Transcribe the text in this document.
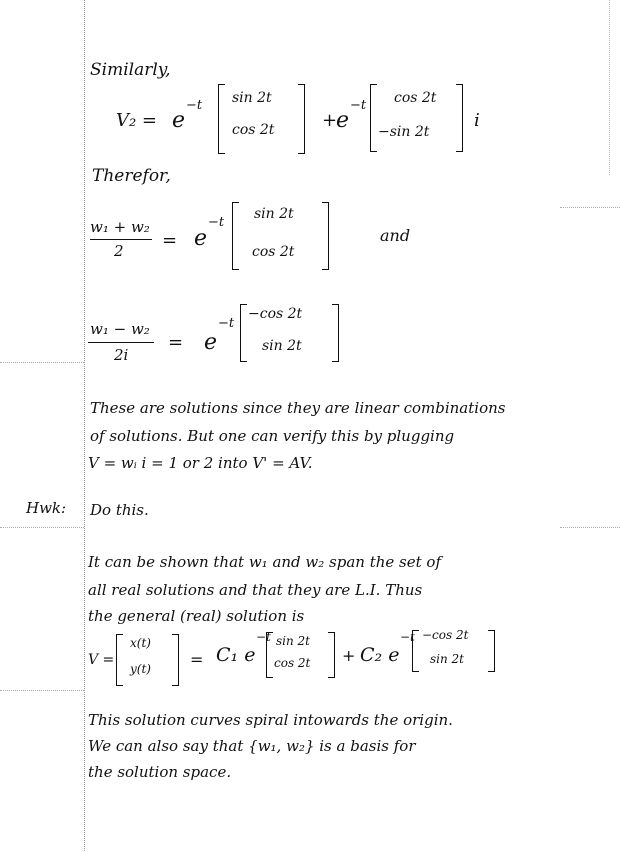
Similarly,
V₂ = e
−t sin 2t
cos 2t	+
e
−t cos 2t
−sin 2t
i
Therefor,
w₁ + w₂
2 = e
−t
sin 2t
cos 2t
and
w₁ − w₂
2i
= e
−t
−cos 2t
sin 2t
These are solutions since they are linear combinations
of solutions. But one can verify this by plugging
V = wᵢ i = 1 or 2 into V' = AV.
Hwk: Do this.
It can be shown that w₁ and w₂ span the set of
all real solutions and that they are L.I. Thus
the general (real) solution is
V =
x(t)
y(t) = C₁ e
−t sin 2t
cos 2t + C₂ e
−t −cos 2t
sin 2t
This solution curves spiral intowards the origin.
We can also say that {w₁, w₂} is a basis for
the solution space.
